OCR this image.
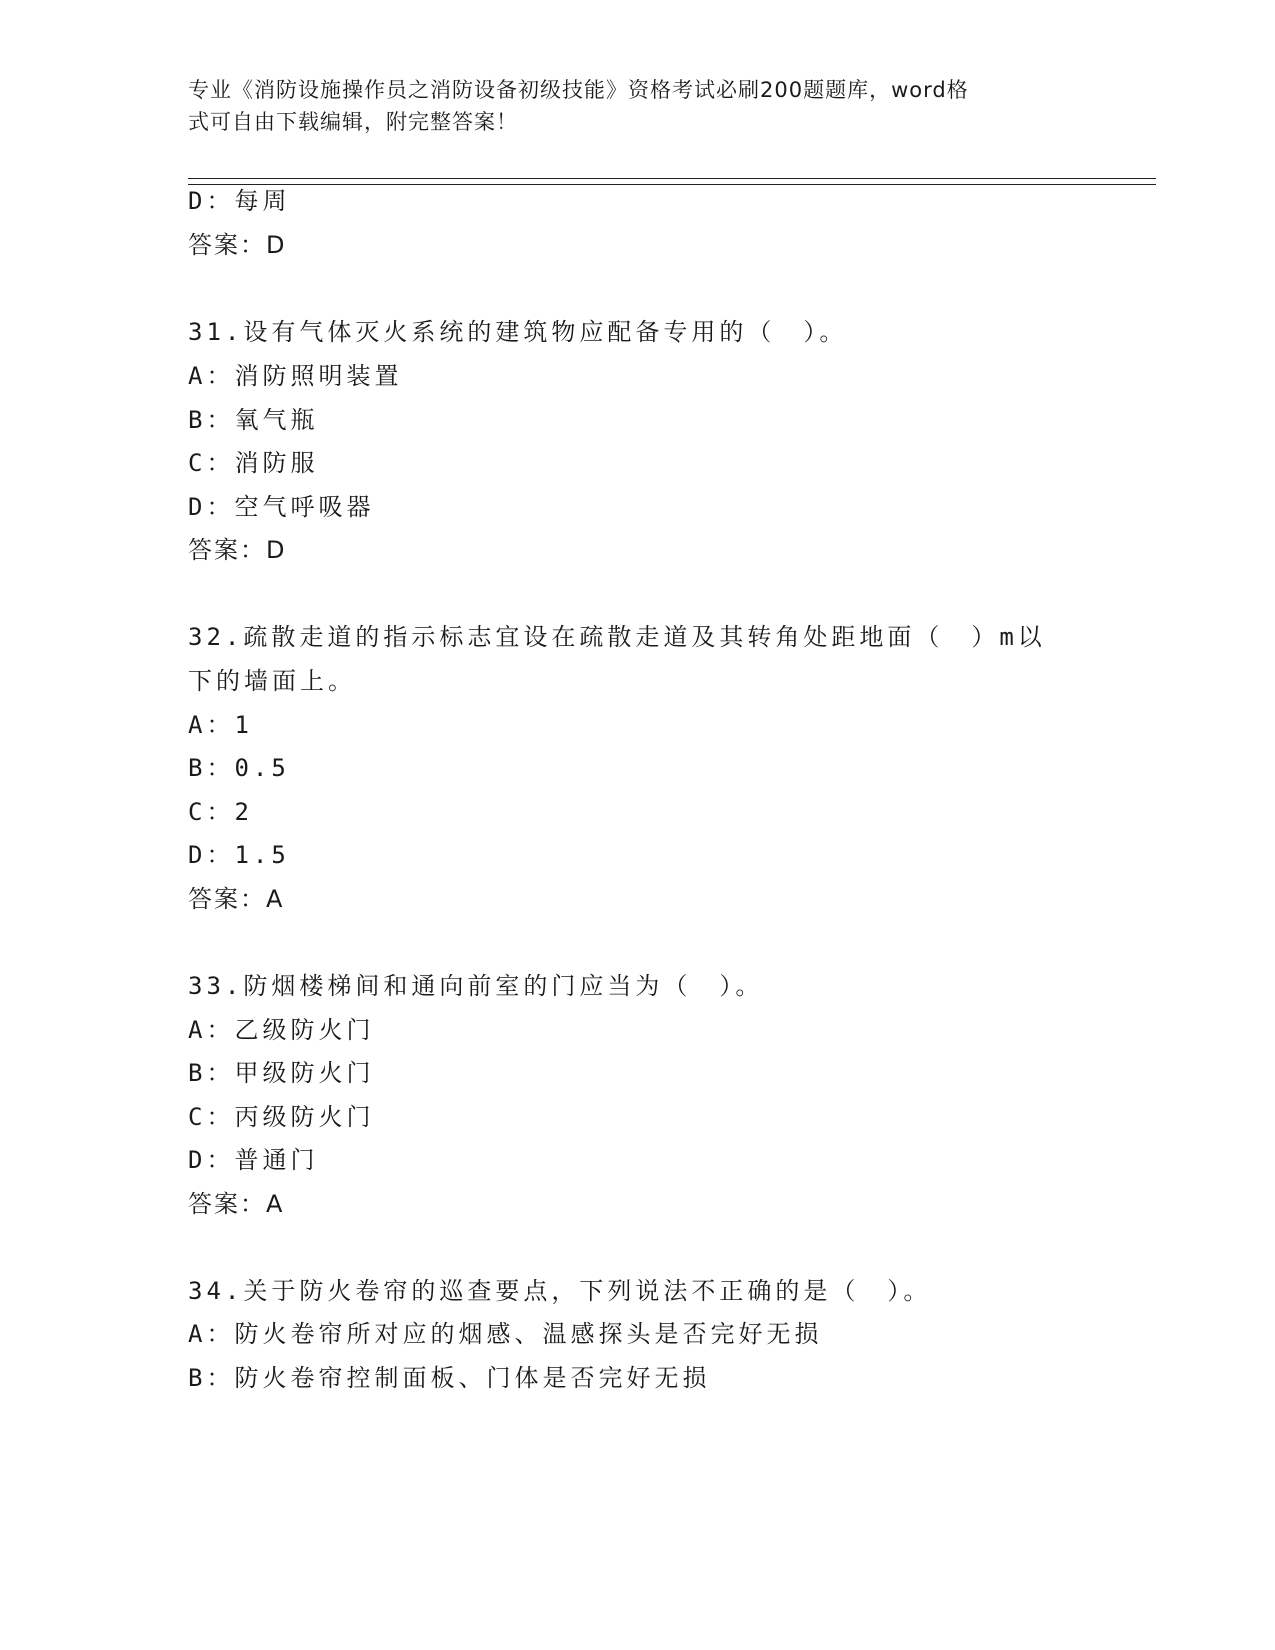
专业《消防设施操作员之消防设备初级技能》资格考试必刷200题题库，word格
式可自由下载编辑，附完整答案！
D：每周
答案：D
31.设有气体灭火系统的建筑物应配备专用的（　）。
A：消防照明装置
B：氧气瓶
C：消防服
D：空气呼吸器
答案：D
32.疏散走道的指示标志宜设在疏散走道及其转角处距地面（　）m以
下的墙面上。
A：1
B：0.5
C：2
D：1.5
答案：A
33.防烟楼梯间和通向前室的门应当为（　）。
A：乙级防火门
B：甲级防火门
C：丙级防火门
D：普通门
答案：A
34.关于防火卷帘的巡查要点，下列说法不正确的是（　）。
A：防火卷帘所对应的烟感、温感探头是否完好无损
B：防火卷帘控制面板、门体是否完好无损
